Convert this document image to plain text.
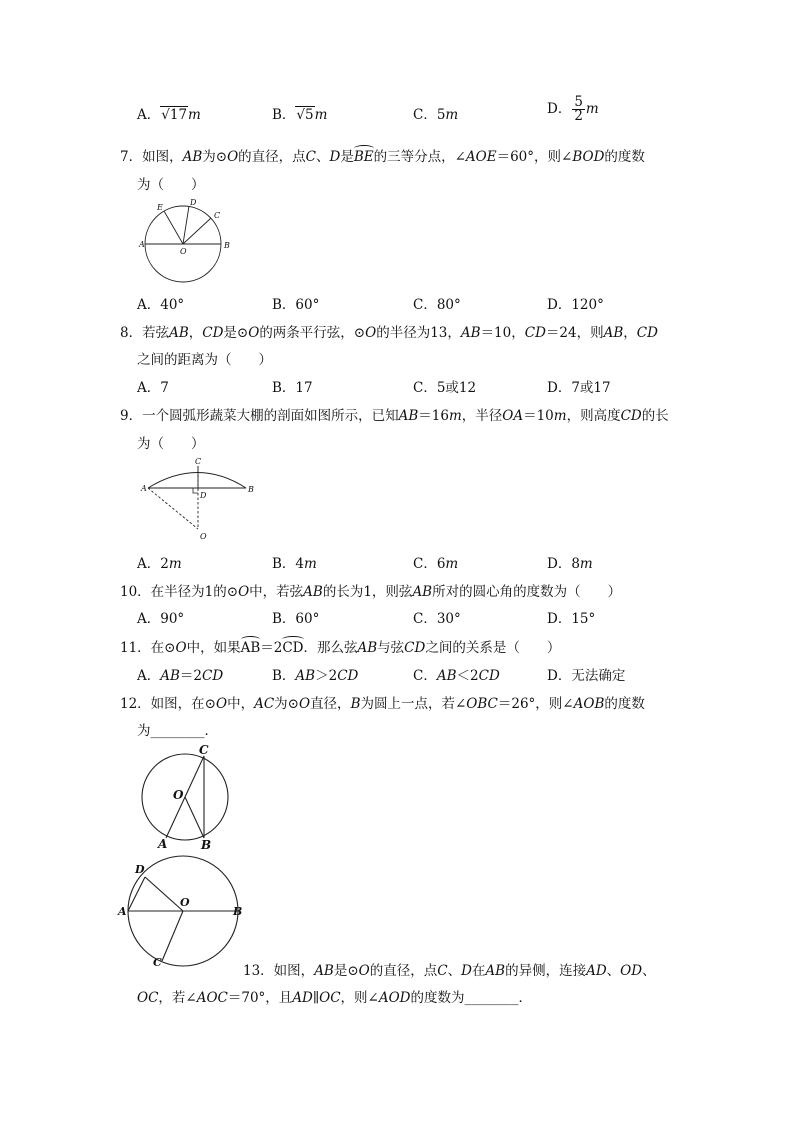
A．√17m	B．√5m	C．5m	D． $\frac{5}{2}$ m
7．如图，AB为⊙O的直径，点C、D是BE的三等分点，∠AOE＝60°，则∠BOD的度数
为（　　）
E
D
C
A
O
B
A．40°	B．60°	C．80°	D．120°
8．若弦AB，CD是⊙O的两条平行弦，⊙O的半径为13，AB＝10，CD＝24，则AB，CD
之间的距离为（　　）
A．7	B．17	C．5或12	D．7或17
9．一个圆弧形蔬菜大棚的剖面如图所示，已知AB＝16m，半径OA＝10m，则高度CD的长
为（　　）
C
A
D
B
O
A．2m	B．4m	C．6m	D．8m
10．在半径为1的⊙O中，若弦AB的长为1，则弦AB所对的圆心角的度数为（　　）
A．90°	B．60°	C．30°	D．15°
11．在⊙O中，如果AB＝2CD．那么弦AB与弦CD之间的关系是（　　）
A．AB＝2CD	B．AB＞2CD	C．AB＜2CD	D．无法确定
12．如图，在⊙O中，AC为⊙O直径，B为圆上一点，若∠OBC＝26°，则∠AOB的度数
为________．
C
O
A	B
D
A
O
B
C
13．如图，AB是⊙O的直径，点C、D在AB的异侧，连接AD、OD、
OC，若∠AOC＝70°，且AD∥OC，则∠AOD的度数为________．
